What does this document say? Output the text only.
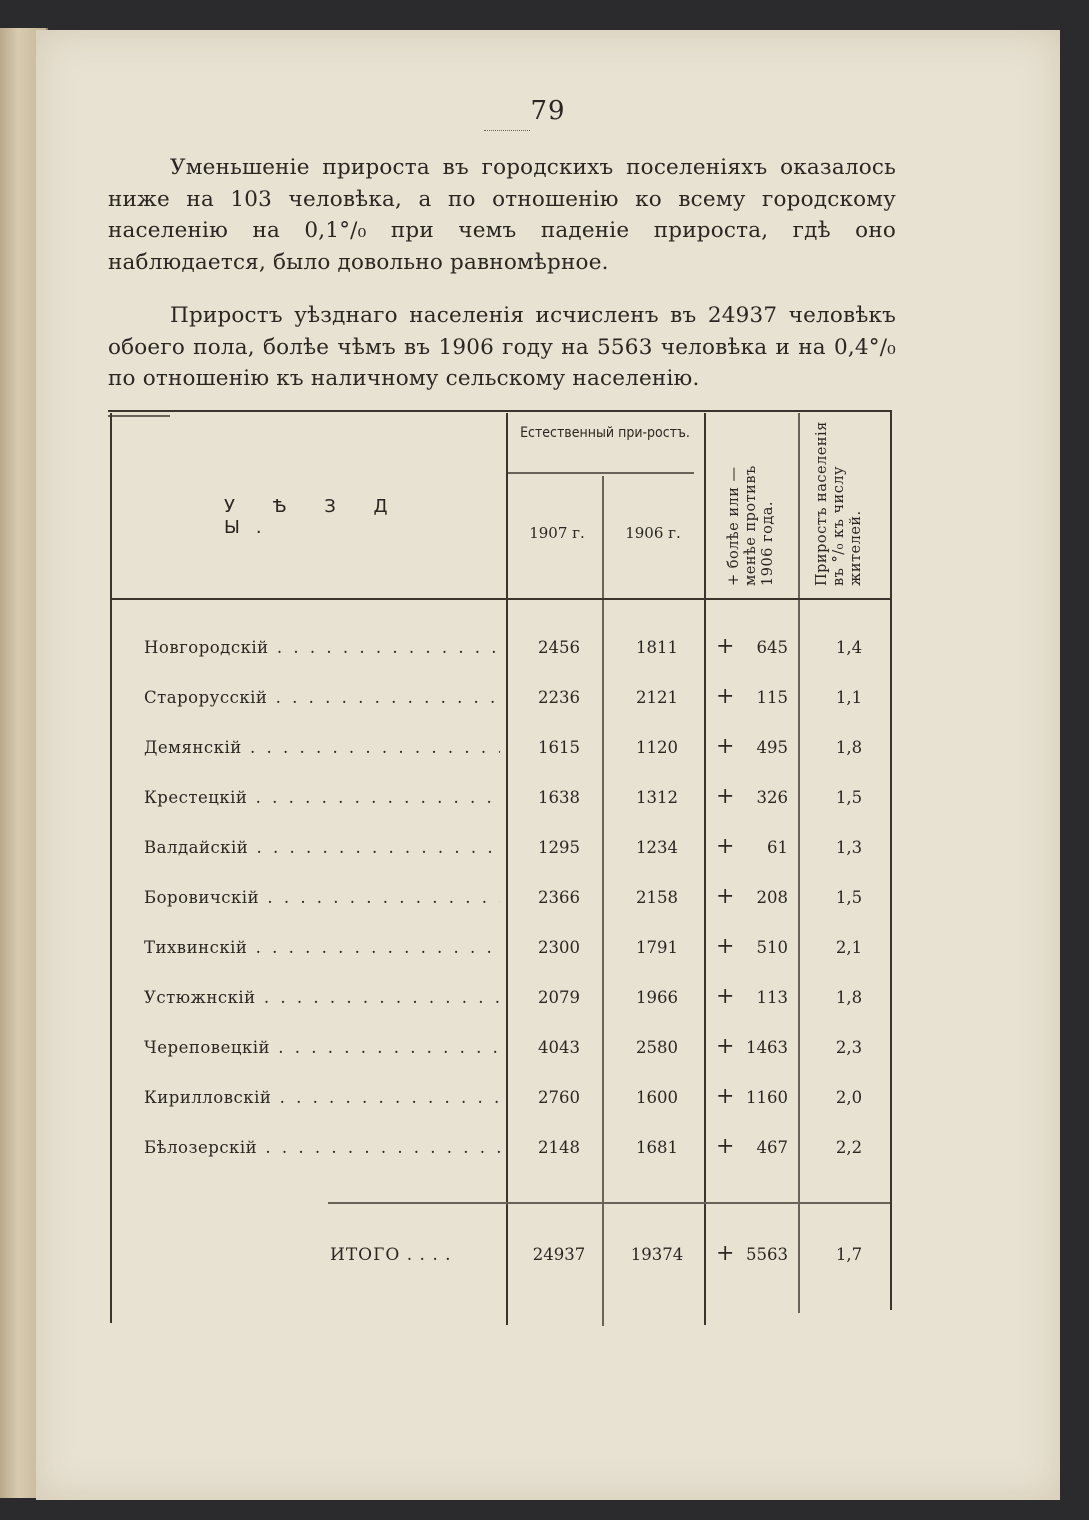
79
Уменьшеніе прироста въ городскихъ поселеніяхъ оказалось ниже на 103 человѣка, а по отношенію ко всему городскому населенію на 0,1°/₀ при чемъ паденіе прироста, гдѣ оно наблюдается, было довольно равномѣрное.
Приростъ уѣзднаго населенія исчисленъ въ 24937 человѣкъ обоего пола, болѣе чѣмъ въ 1906 году на 5563 человѣка и на 0,4°/₀ по отношенію къ наличному сельскому населенію.
У Ѣ З Д Ы.
Естественный при-ростъ.
1907 г.	1906 г.	+ болѣе или — менѣе противъ 1906 года.	Приростъ населенія въ °/₀ къ числу жителей.
Новгородскій . . .	2456	1811	+ 645	1,4
Старорусскій . . .	2236	2121	+ 115	1,1
Демянскій . . .	1615	1120	+ 495	1,8
Крестецкій . . .	1638	1312	+ 326	1,5
Валдайскій . . .	1295	1234	+ 61	1,3
Боровичскій . . .	2366	2158	+ 208	1,5
Тихвинскій . . .	2300	1791	+ 510	2,1
Устюжнскій . . .	2079	1966	+ 113	1,8
Череповецкій . . .	4043	2580	+ 1463	2,3
Кирилловскій . . .	2760	1600	+ 1160	2,0
Бѣлозерскій . . .	2148	1681	+ 467	2,2
ИТОГО . . . .	24937	19374	+ 5563	1,7
